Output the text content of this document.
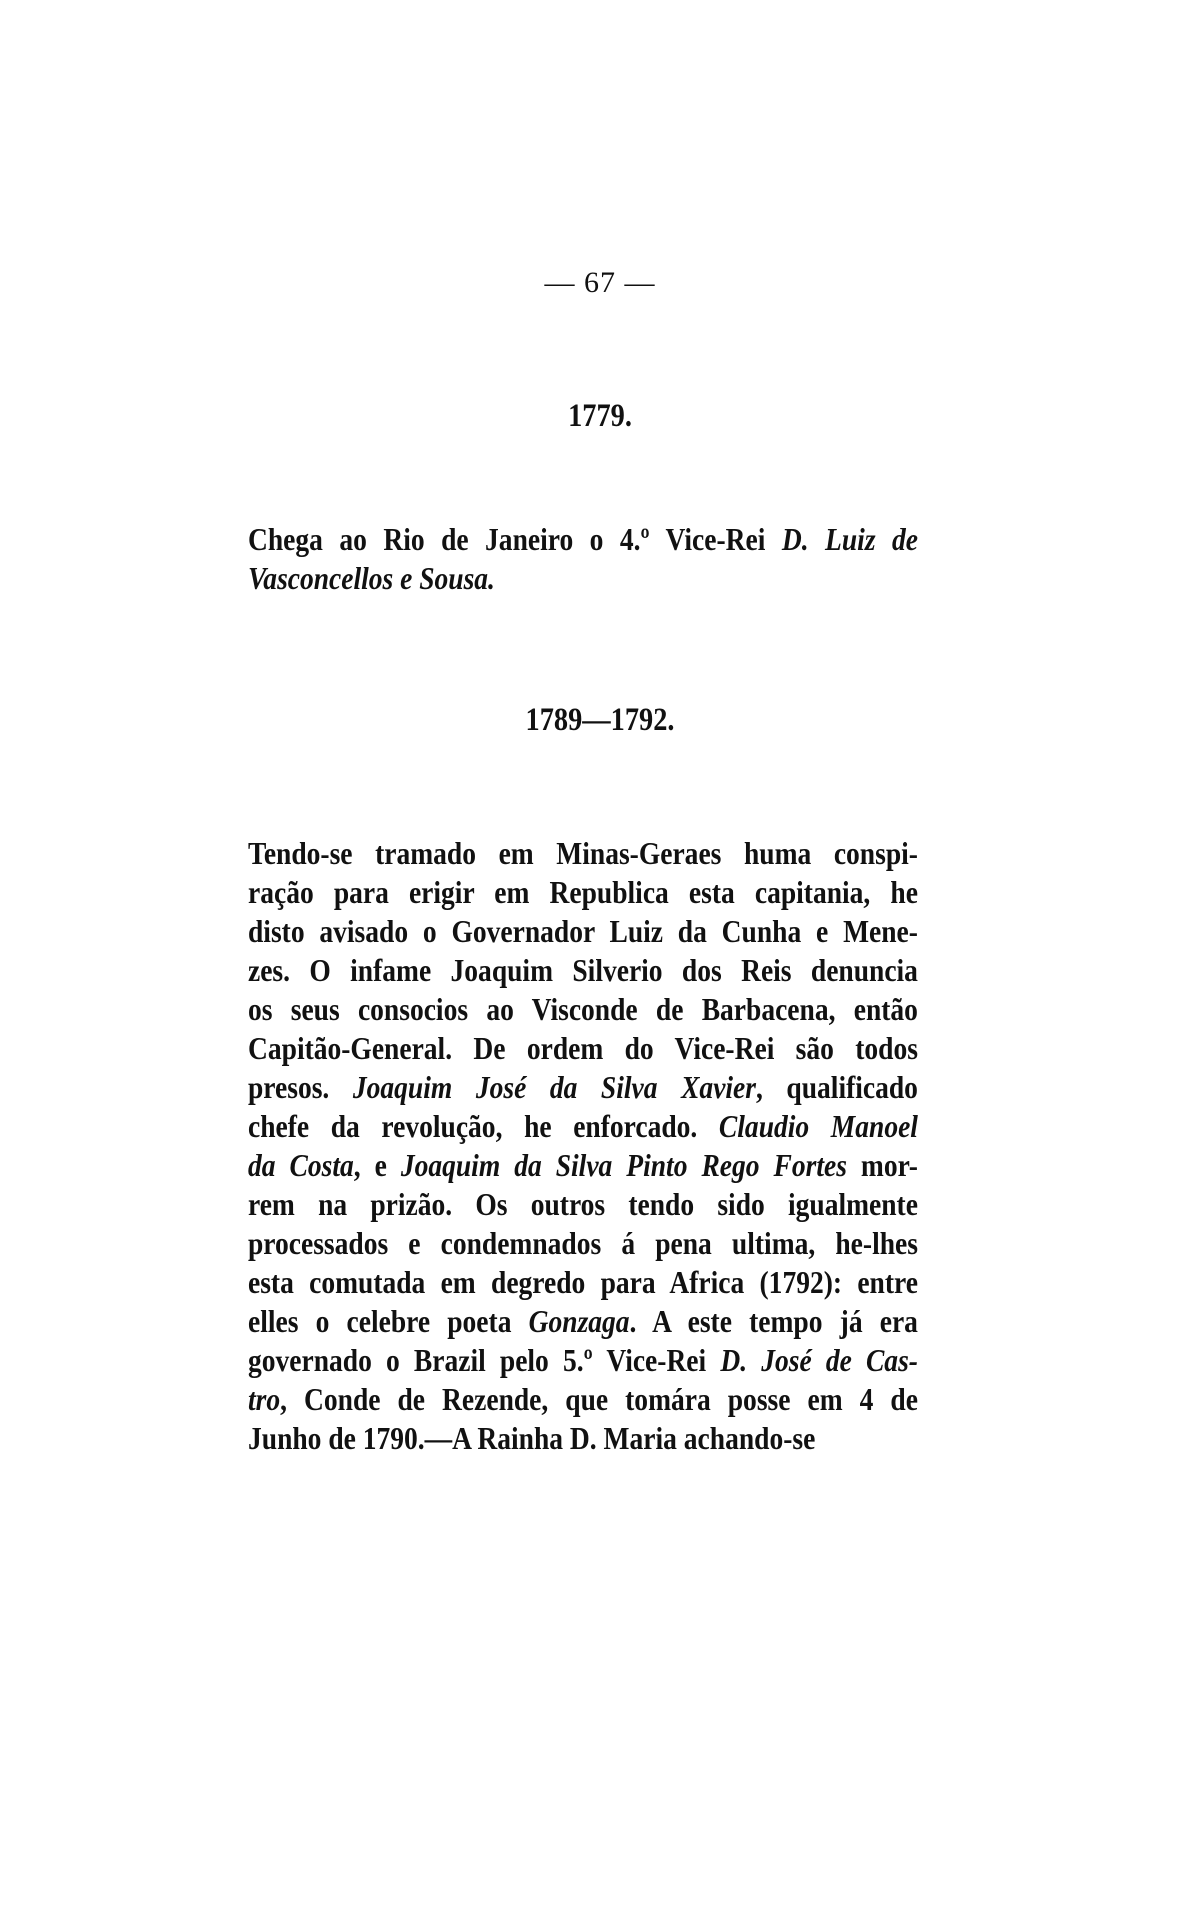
— 67 —
1779.
Chega ao Rio de Janeiro o 4.º Vice-Rei D. Luiz de
Vasconcellos e Sousa.
1789—1792.
Tendo-se tramado em Minas-Geraes huma conspi-
ração para erigir em Republica esta capitania, he
disto avisado o Governador Luiz da Cunha e Mene-
zes. O infame Joaquim Silverio dos Reis denuncia
os seus consocios ao Visconde de Barbacena, então
Capitão-General. De ordem do Vice-Rei são todos
presos. Joaquim José da Silva Xavier, qualificado
chefe da revolução, he enforcado. Claudio Manoel
da Costa, e Joaquim da Silva Pinto Rego Fortes mor-
rem na prizão. Os outros tendo sido igualmente
processados e condemnados á pena ultima, he-lhes
esta comutada em degredo para Africa (1792): entre
elles o celebre poeta Gonzaga. A este tempo já era
governado o Brazil pelo 5.º Vice-Rei D. José de Cas-
tro, Conde de Rezende, que tomára posse em 4 de
Junho de 1790.—A Rainha D. Maria achando-se
